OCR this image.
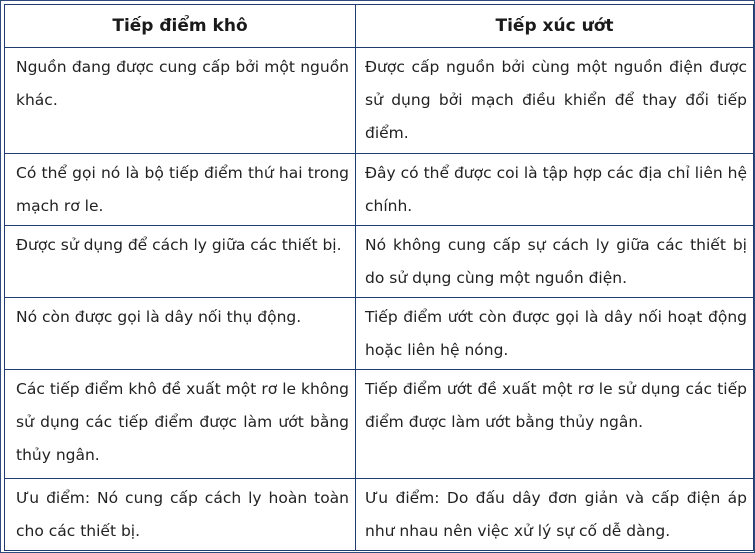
Tiếp điểm khô	Tiếp xúc ướt
Nguồn đang được cung cấp bởi một nguồn khác.	Được cấp nguồn bởi cùng một nguồn điện được sử dụng bởi mạch điều khiển để thay đổi tiếp điểm.
Có thể gọi nó là bộ tiếp điểm thứ hai trong mạch rơ le.	Đây có thể được coi là tập hợp các địa chỉ liên hệ chính.
Được sử dụng để cách ly giữa các thiết bị.	Nó không cung cấp sự cách ly giữa các thiết bị do sử dụng cùng một nguồn điện.
Nó còn được gọi là dây nối thụ động.	Tiếp điểm ướt còn được gọi là dây nối hoạt động hoặc liên hệ nóng.
Các tiếp điểm khô đề xuất một rơ le không sử dụng các tiếp điểm được làm ướt bằng thủy ngân.	Tiếp điểm ướt đề xuất một rơ le sử dụng các tiếp điểm được làm ướt bằng thủy ngân.
Ưu điểm: Nó cung cấp cách ly hoàn toàn cho các thiết bị.	Ưu điểm: Do đấu dây đơn giản và cấp điện áp như nhau nên việc xử lý sự cố dễ dàng.
